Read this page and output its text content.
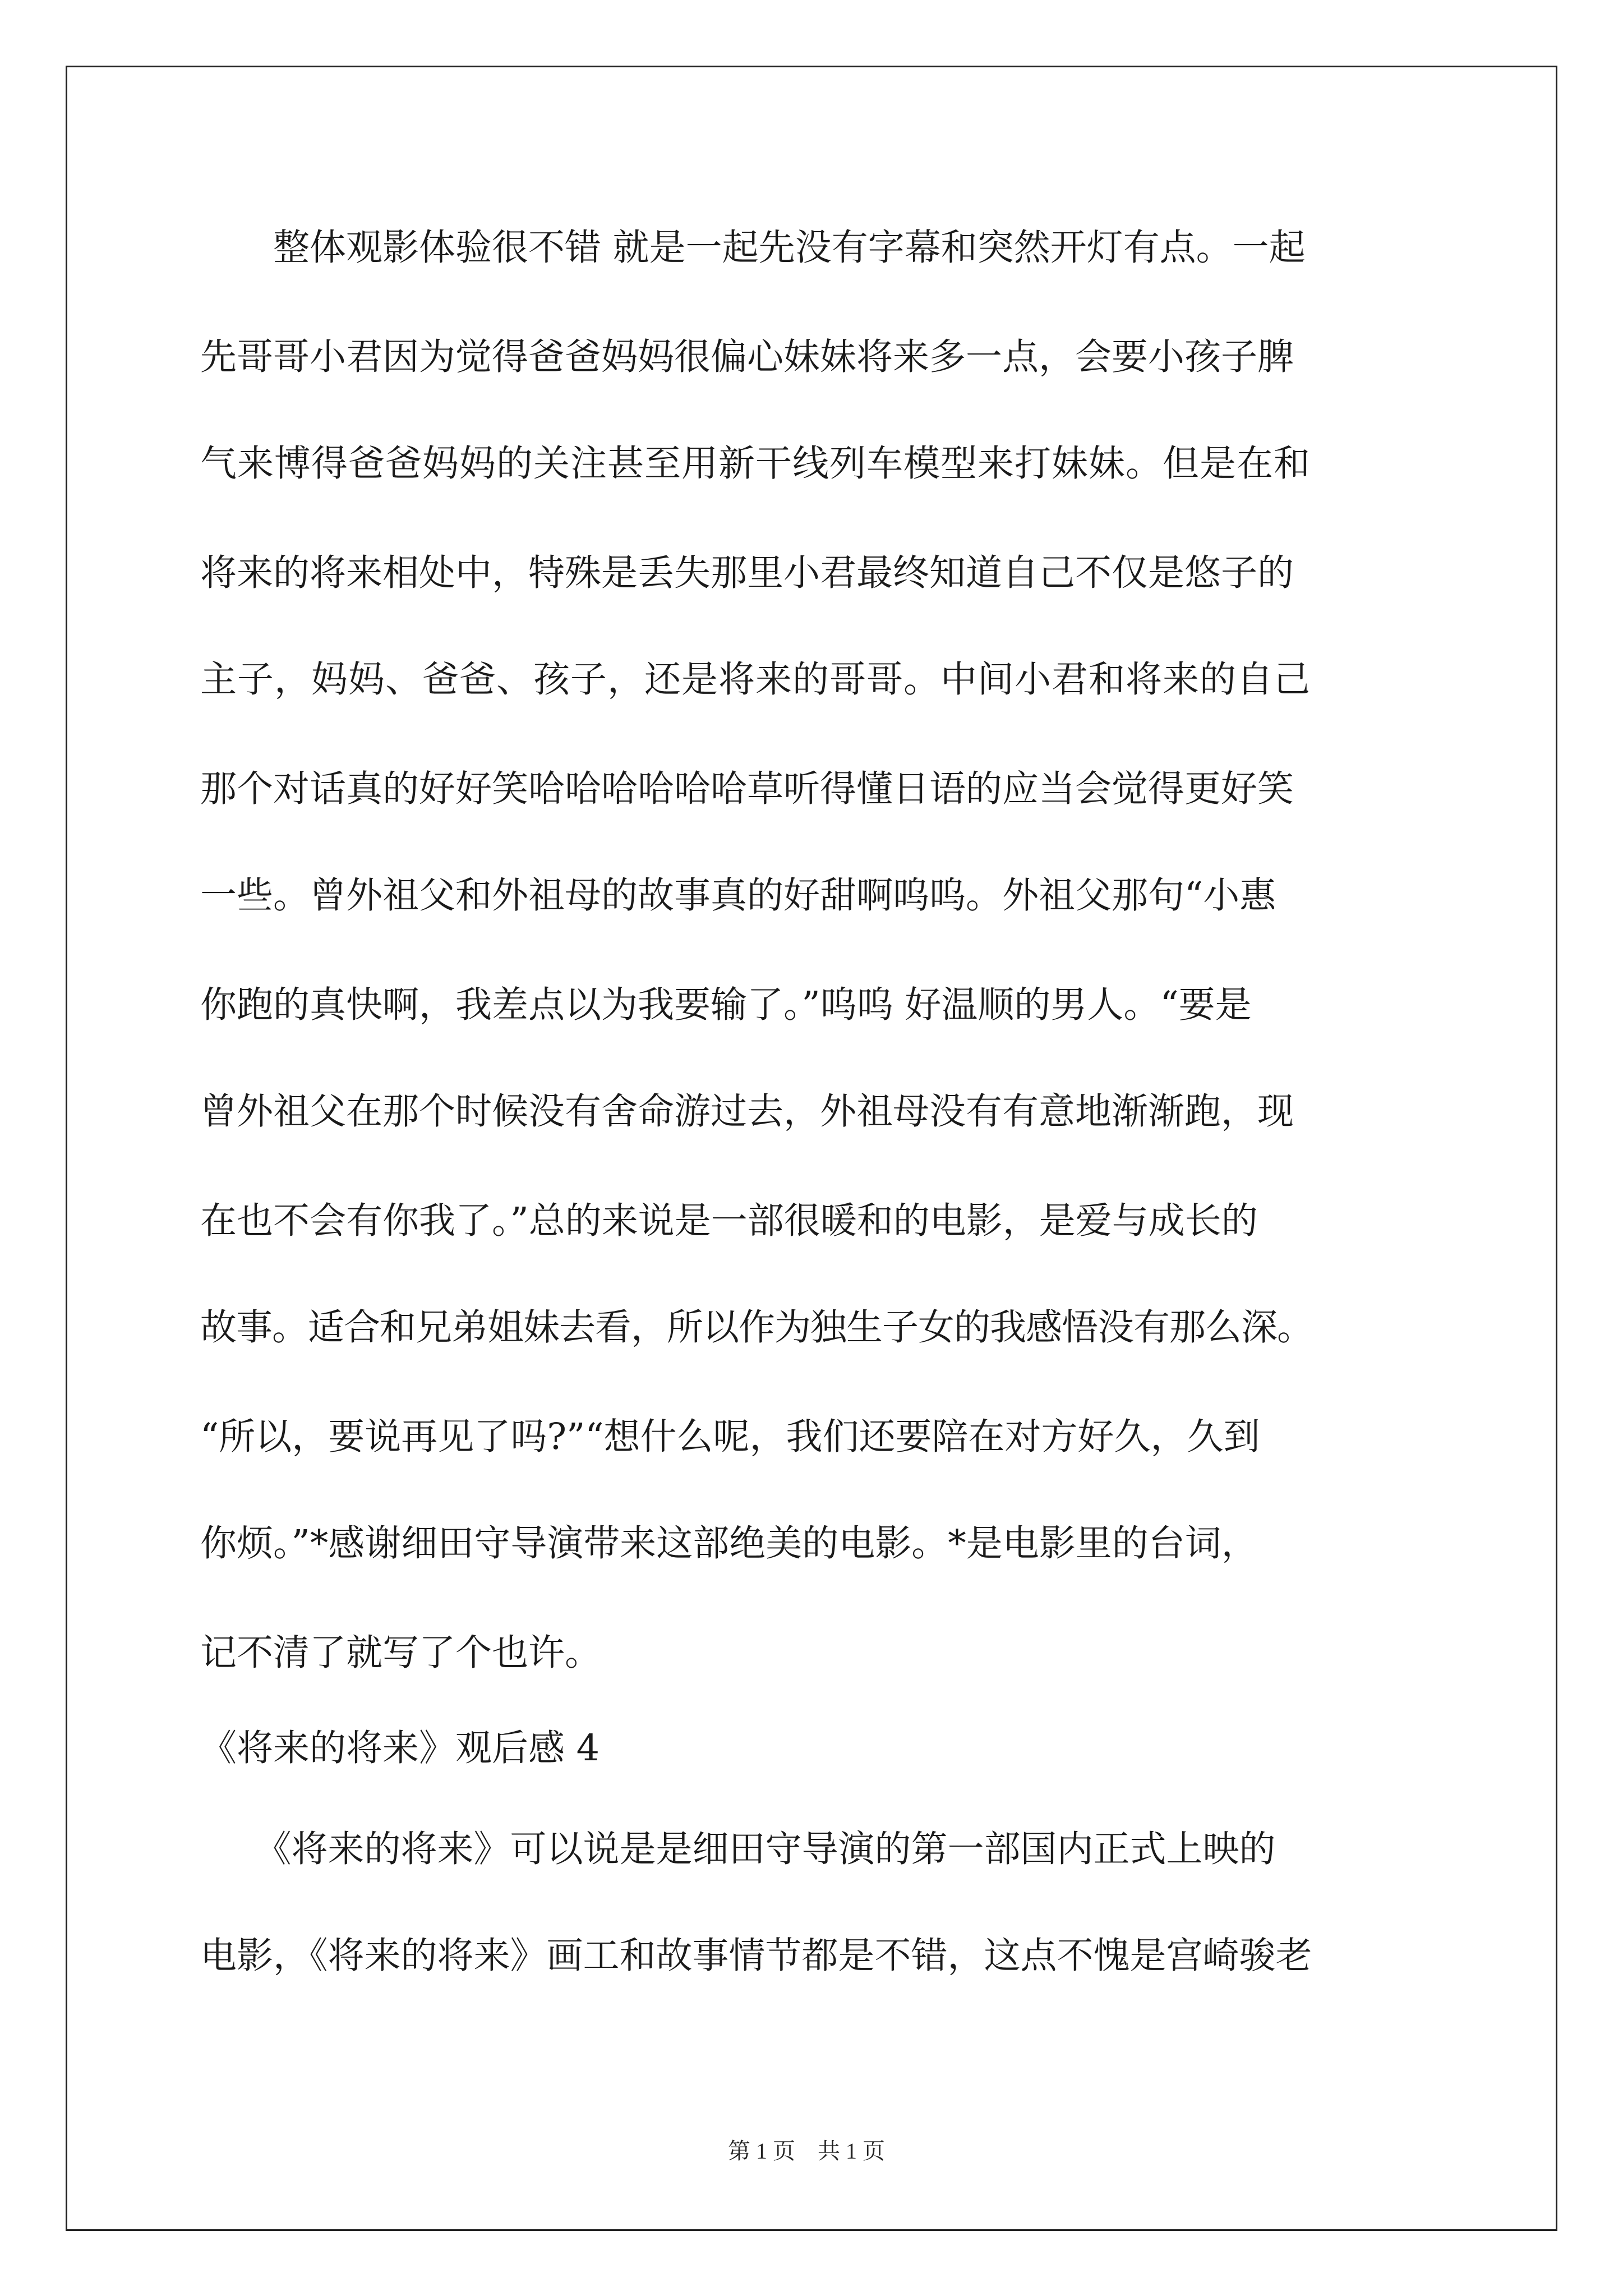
　　整体观影体验很不错 就是一起先没有字幕和突然开灯有点。一起
先哥哥小君因为觉得爸爸妈妈很偏心妹妹将来多一点，会要小孩子脾
气来博得爸爸妈妈的关注甚至用新干线列车模型来打妹妹。但是在和
将来的将来相处中，特殊是丢失那里小君最终知道自己不仅是悠子的
主子，妈妈、爸爸、孩子，还是将来的哥哥。中间小君和将来的自己
那个对话真的好好笑哈哈哈哈哈哈草听得懂日语的应当会觉得更好笑
一些。曾外祖父和外祖母的故事真的好甜啊呜呜。外祖父那句“小惠
你跑的真快啊，我差点以为我要输了。”呜呜 好温顺的男人。“要是
曾外祖父在那个时候没有舍命游过去，外祖母没有有意地渐渐跑，现
在也不会有你我了。”总的来说是一部很暖和的电影，是爱与成长的
故事。适合和兄弟姐妹去看，所以作为独生子女的我感悟没有那么深。
“所以，要说再见了吗?”“想什么呢，我们还要陪在对方好久，久到
你烦。”*感谢细田守导演带来这部绝美的电影。*是电影里的台词，
记不清了就写了个也许。
《将来的将来》观后感 4
　　《将来的将来》可以说是是细田守导演的第一部国内正式上映的
电影，《将来的将来》画工和故事情节都是不错，这点不愧是宫崎骏老
第 1 页　共 1 页
